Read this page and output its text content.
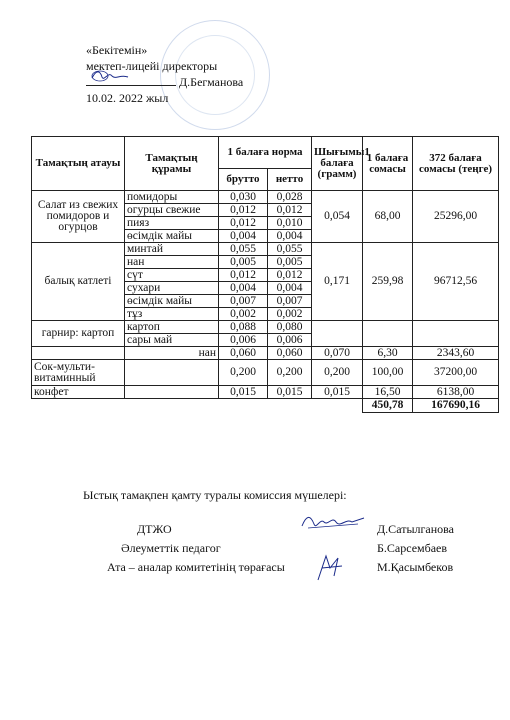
«Бекітемін»
мектеп-лицейі директоры
Д.Бегманова
10.02. 2022 жыл
Тамақтың атауы	Тамақтың құрамы	1 балаға норма		Шығымы1 балаға (грамм)	1 балаға сомасы	372 балаға сомасы (теңге)
		брутто	нетто			
Салат из свежих помидоров и огурцов	помидоры	0,030	0,028	0,054	68,00	25296,00
	огурцы свежие	0,012	0,012			
	пияз	0,012	0,010			
	өсімдік майы	0,004	0,004			
балық катлеті	минтай	0,055	0,055	0,171	259,98	96712,56
	нан	0,005	0,005			
	сүт	0,012	0,012			
	сухари	0,004	0,004			
	өсімдік майы	0,007	0,007			
	тұз	0,002	0,002			
гарнир: картоп	картоп	0,088	0,080			
	сары май	0,006	0,006			
	нан	0,060	0,060	0,070	6,30	2343,60
Сок-мульти-витаминный		0,200	0,200	0,200	100,00	37200,00
конфет		0,015	0,015	0,015	16,50	6138,00
					450,78	167690,16
Ыстық тамақпен қамту туралы комиссия мүшелері:
ДТЖО	Д.Сатылганова
Әлеуметтік педагог	Б.Сарсембаев
Ата – аналар комитетінің төрағасы	М.Қасымбеков
